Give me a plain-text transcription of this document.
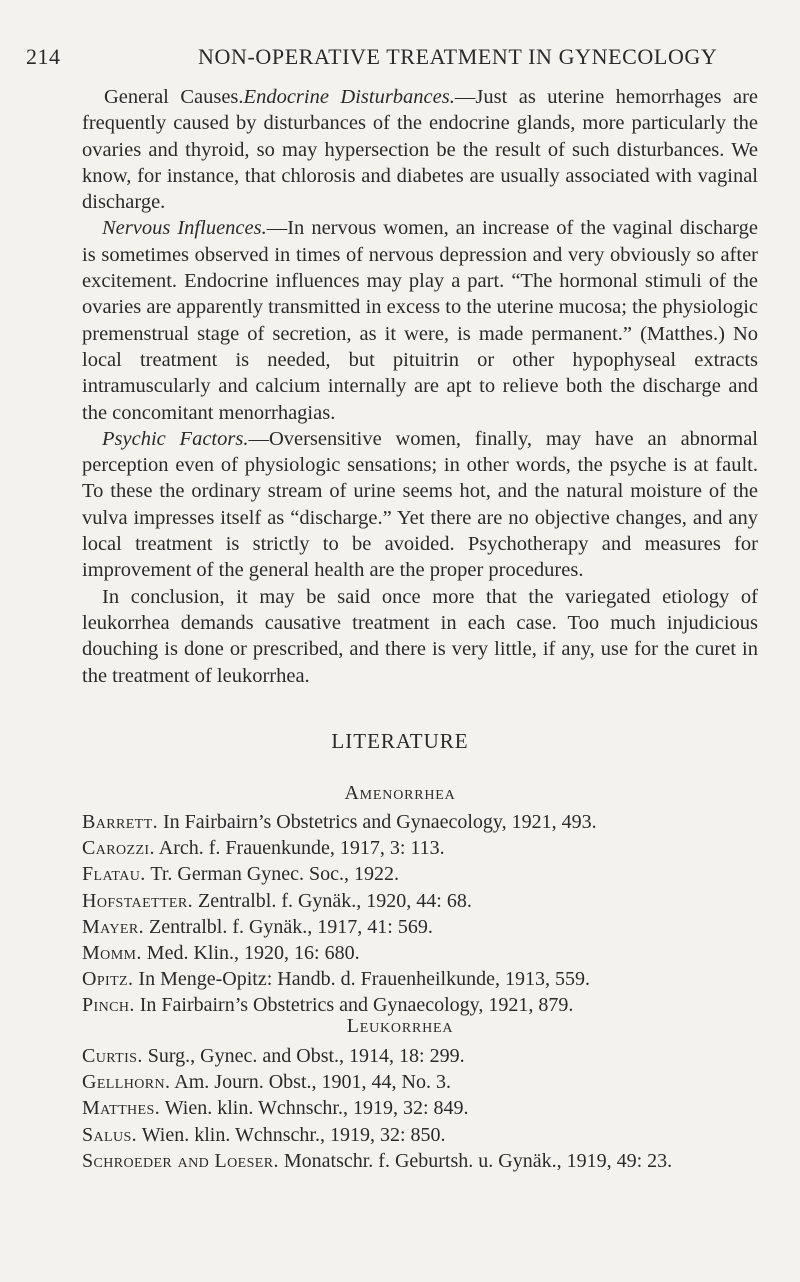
214	NON-OPERATIVE TREATMENT IN GYNECOLOGY

General Causes.Endocrine Disturbances.—Just as uterine hemorrhages are frequently caused by disturbances of the endocrine glands, more particularly the ovaries and thyroid, so may hypersection be the result of such disturbances. We know, for instance, that chlorosis and diabetes are usually associated with vaginal discharge.

Nervous Influences.—In nervous women, an increase of the vaginal discharge is sometimes observed in times of nervous depression and very obviously so after excitement. Endocrine influences may play a part. “The hormonal stimuli of the ovaries are apparently transmitted in excess to the uterine mucosa; the physiologic premenstrual stage of secretion, as it were, is made permanent.” (Matthes.) No local treatment is needed, but pituitrin or other hypophyseal extracts intramuscularly and calcium internally are apt to relieve both the discharge and the concomitant menorrhagias.

Psychic Factors.—Oversensitive women, finally, may have an abnormal perception even of physiologic sensations; in other words, the psyche is at fault. To these the ordinary stream of urine seems hot, and the natural moisture of the vulva impresses itself as “discharge.” Yet there are no objective changes, and any local treatment is strictly to be avoided. Psychotherapy and measures for improvement of the general health are the proper procedures.

In conclusion, it may be said once more that the variegated etiology of leukorrhea demands causative treatment in each case. Too much injudicious douching is done or prescribed, and there is very little, if any, use for the curet in the treatment of leukorrhea.

LITERATURE
Amenorrhea
Barrett. In Fairbairn’s Obstetrics and Gynaecology, 1921, 493.
Carozzi. Arch. f. Frauenkunde, 1917, 3: 113.
Flatau. Tr. German Gynec. Soc., 1922.
Hofstaetter. Zentralbl. f. Gynäk., 1920, 44: 68.
Mayer. Zentralbl. f. Gynäk., 1917, 41: 569.
Momm. Med. Klin., 1920, 16: 680.
Opitz. In Menge-Opitz: Handb. d. Frauenheilkunde, 1913, 559.
Pinch. In Fairbairn’s Obstetrics and Gynaecology, 1921, 879.
Leukorrhea
Curtis. Surg., Gynec. and Obst., 1914, 18: 299.
Gellhorn. Am. Journ. Obst., 1901, 44, No. 3.
Matthes. Wien. klin. Wchnschr., 1919, 32: 849.
Salus. Wien. klin. Wchnschr., 1919, 32: 850.
Schroeder and Loeser. Monatschr. f. Geburtsh. u. Gynäk., 1919, 49: 23.
